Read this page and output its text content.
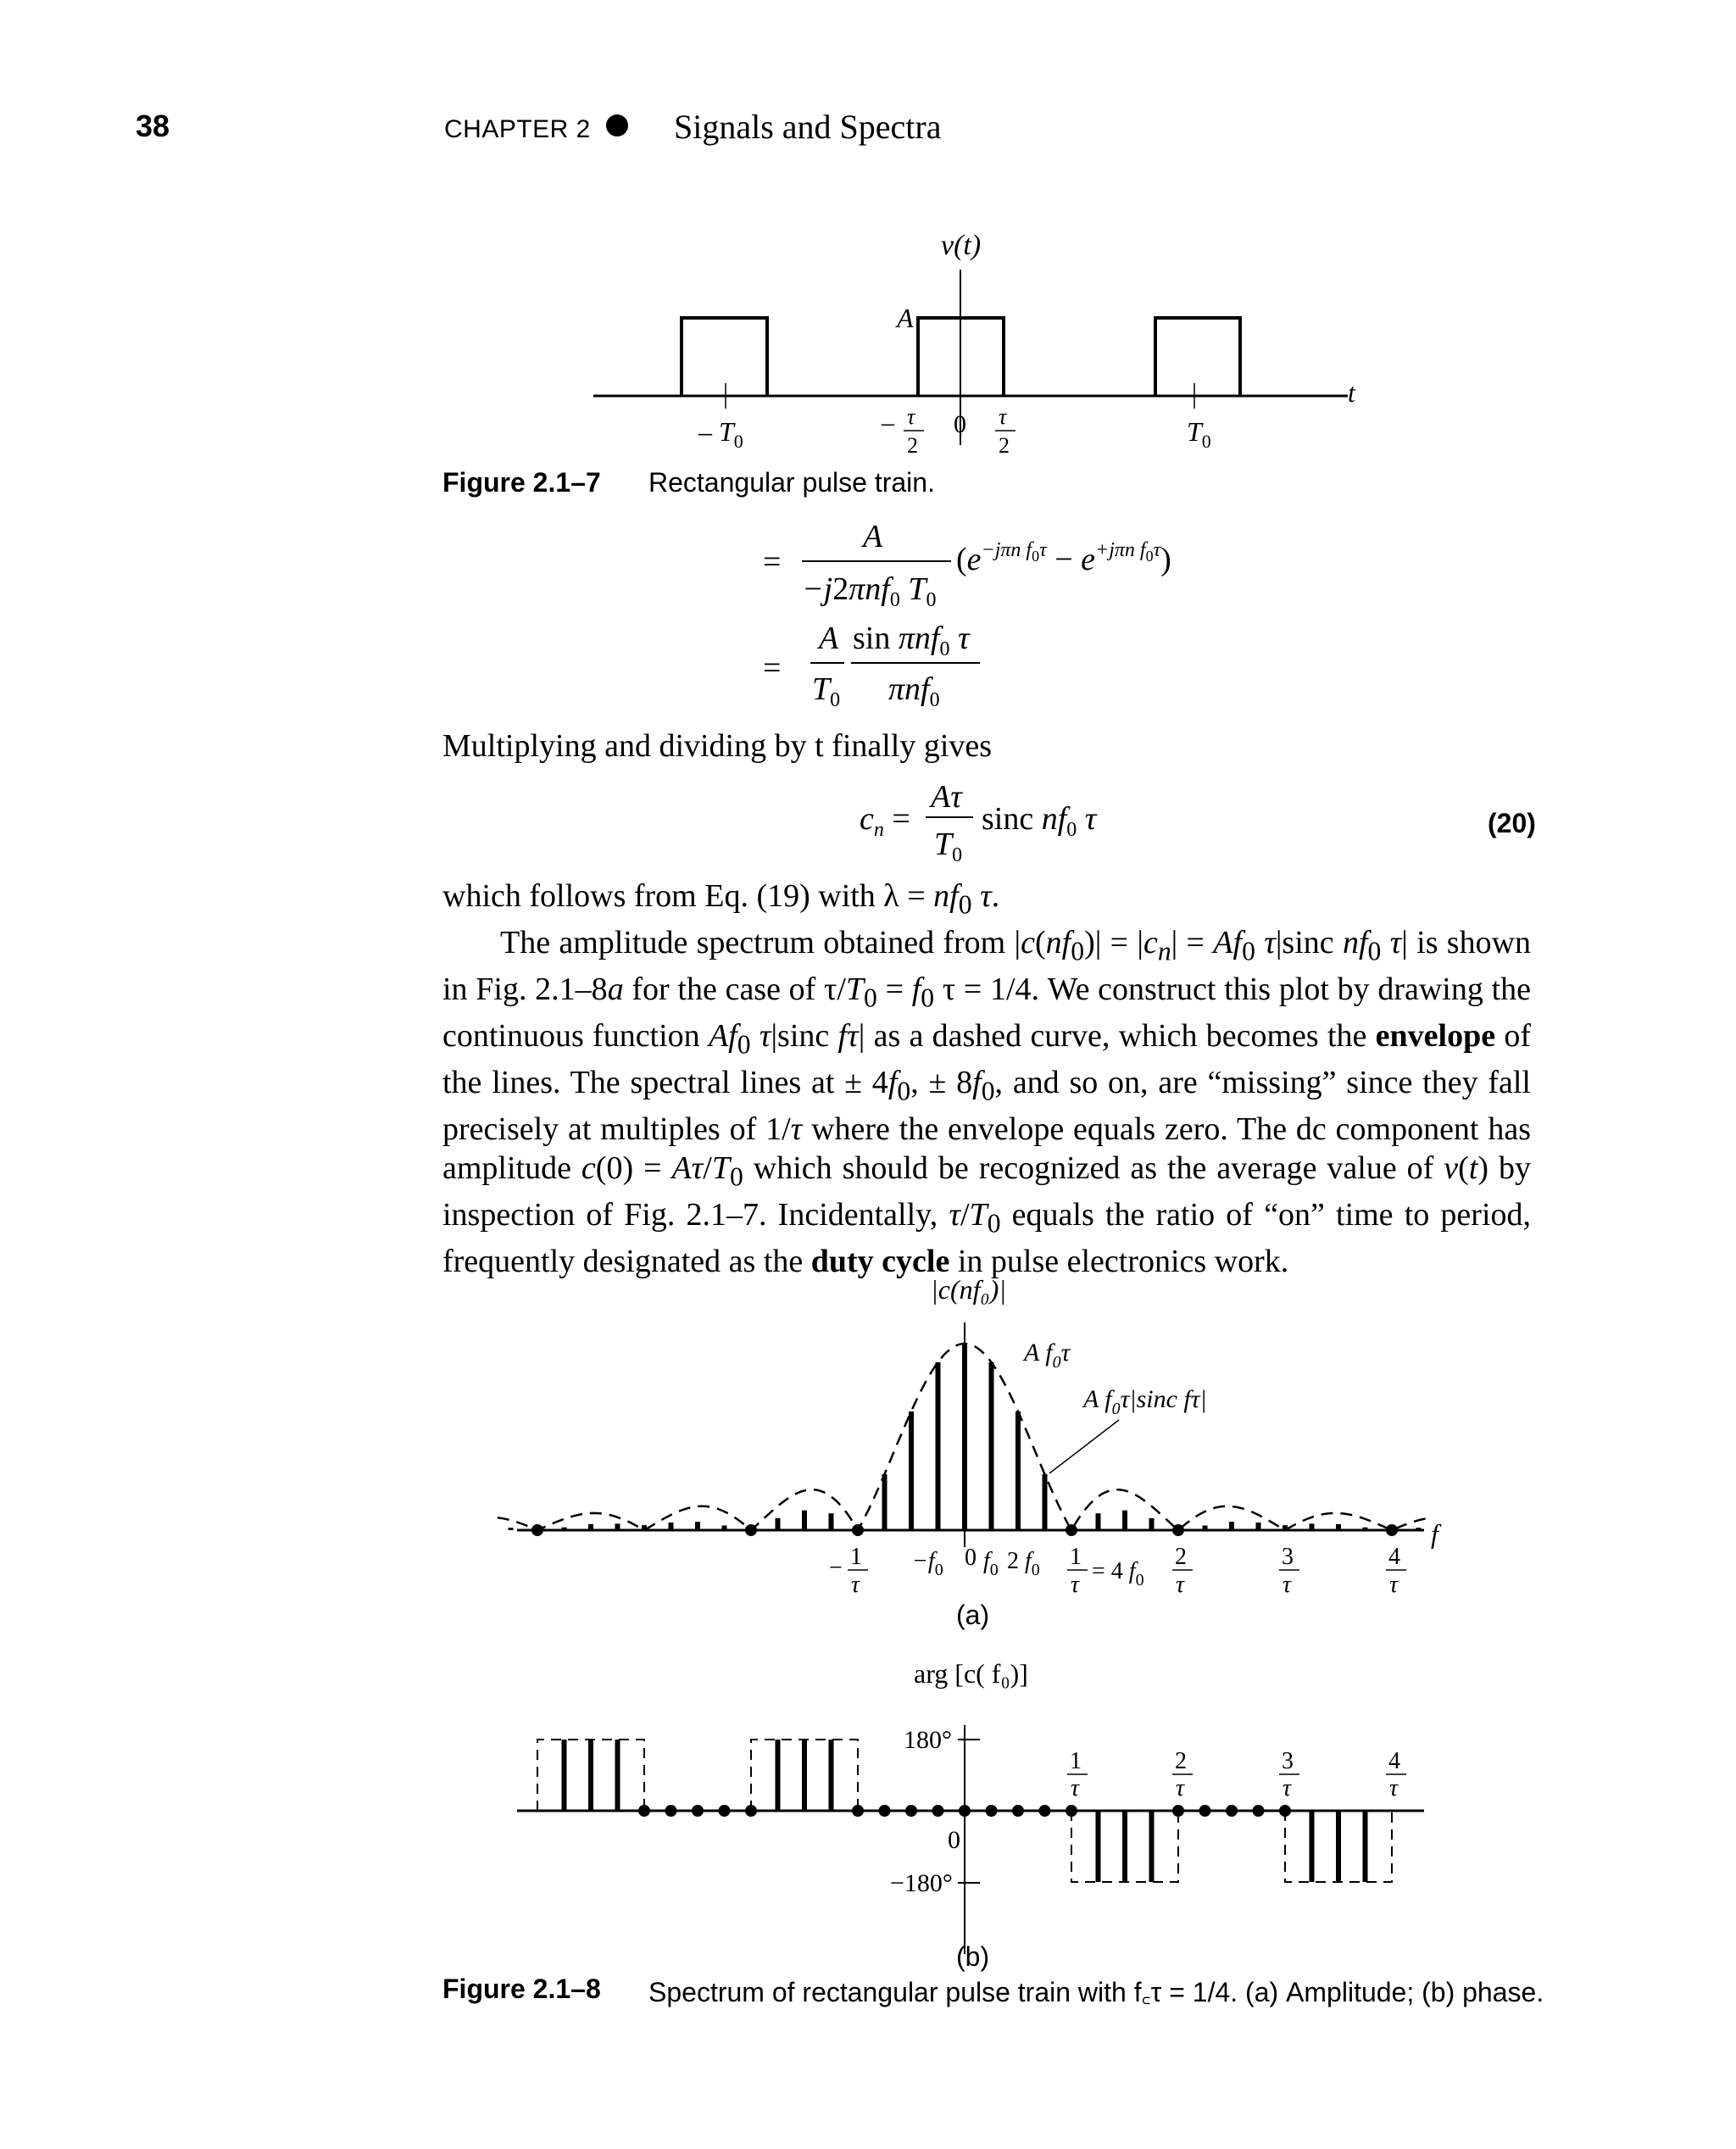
38	CHAPTER 2 Signals and Spectra
v(t)
t
A
– $T_0$
– τ
2
0 τ
2	$T_0$
Figure 2.1–7 Rectangular pulse train.
=
A
−j2πnf$_0$ $T_0$
$(e^{-j\pi n f}0\tau - e^{+j\pi n f}0\tau)$
=
A
$T_0$
sin πnf$_0$ τ
πnf$_0$
$c_n$ =
Aτ
$T_0$
sinc $nf_0$ τ
Multiplying and dividing by t finally gives
(20)

which follows from Eq. (19) with $\lambda = nf_0$ τ.

The amplitude spectrum obtained from $|c(nf_0)| = |c_n| = Af_0$ τ|sinc $nf_0$ τ| is shown in Fig. 2.1–8a for the case of $\tau/T_0 = f_0$ τ = 1/4. We construct this plot by drawing the continuous function $Af_0$ τ|sinc fτ| as a dashed curve, which becomes the envelope of the lines. The spectral lines at ± $4f_0$, ± $8f_0$, and so on, are “missing” since they fall precisely at multiples of 1/τ where the envelope equals zero. The dc component has amplitude $c(0) = A\tau/T_0$ which should be recognized as the average value of v(t) by inspection of Fig. 2.1–7. Incidentally, $\tau/T_0$ equals the ratio of “on” time to period, frequently designated as the duty cycle in pulse electronics work.

|c(nf₀)|
A $f_0\tau$
A $f_0\tau|\sin c$ fτ|
f
− 1
τ
$-f_0$ 0 $f_0$ 2 $f_0$ 1
τ
= 4 $f_0$
2
τ
3
τ
4
τ
(a)
arg [c( f₀)]
180°
0
−180°
1
τ
2
τ
3
τ
4
τ
(b)
Figure 2.1–8 Spectrum of rectangular pulse train with f꜀τ = 1/4. (a) Amplitude; (b) phase.
